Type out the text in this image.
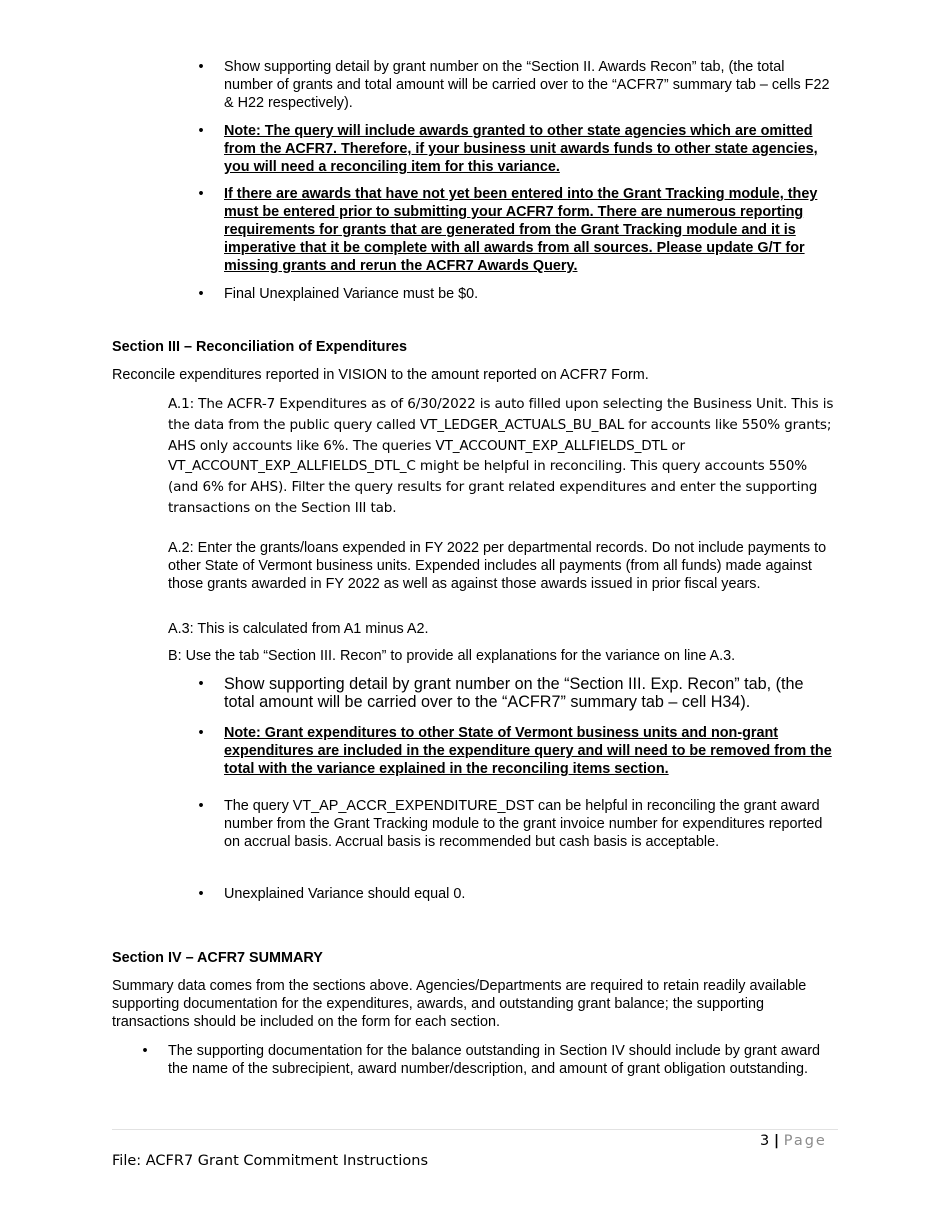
• Show supporting detail by grant number on the “Section II. Awards Recon” tab, (the total number of grants and total amount will be carried over to the “ACFR7” summary tab – cells F22 & H22 respectively).
• Note: The query will include awards granted to other state agencies which are omitted from the ACFR7. Therefore, if your business unit awards funds to other state agencies, you will need a reconciling item for this variance.
• If there are awards that have not yet been entered into the Grant Tracking module, they must be entered prior to submitting your ACFR7 form. There are numerous reporting requirements for grants that are generated from the Grant Tracking module and it is imperative that it be complete with all awards from all sources. Please update G/T for missing grants and rerun the ACFR7 Awards Query.
• Final Unexplained Variance must be $0.
Section III – Reconciliation of Expenditures
Reconcile expenditures reported in VISION to the amount reported on ACFR7 Form.
A.1: The ACFR-7 Expenditures as of 6/30/2022 is auto filled upon selecting the Business Unit. This is the data from the public query called VT_LEDGER_ACTUALS_BU_BAL for accounts like 550% grants; AHS only accounts like 6%. The queries VT_ACCOUNT_EXP_ALLFIELDS_DTL or VT_ACCOUNT_EXP_ALLFIELDS_DTL_C might be helpful in reconciling. This query accounts 550% (and 6% for AHS). Filter the query results for grant related expenditures and enter the supporting transactions on the Section III tab.
A.2: Enter the grants/loans expended in FY 2022 per departmental records. Do not include payments to other State of Vermont business units. Expended includes all payments (from all funds) made against those grants awarded in FY 2022 as well as against those awards issued in prior fiscal years.
A.3: This is calculated from A1 minus A2.
B: Use the tab “Section III. Recon” to provide all explanations for the variance on line A.3.
• Show supporting detail by grant number on the “Section III. Exp. Recon” tab, (the total amount will be carried over to the “ACFR7” summary tab – cell H34).
• Note: Grant expenditures to other State of Vermont business units and non-grant expenditures are included in the expenditure query and will need to be removed from the total with the variance explained in the reconciling items section.
• The query VT_AP_ACCR_EXPENDITURE_DST can be helpful in reconciling the grant award number from the Grant Tracking module to the grant invoice number for expenditures reported on accrual basis. Accrual basis is recommended but cash basis is acceptable.
• Unexplained Variance should equal 0.
Section IV – ACFR7 SUMMARY
Summary data comes from the sections above. Agencies/Departments are required to retain readily available supporting documentation for the expenditures, awards, and outstanding grant balance; the supporting transactions should be included on the form for each section.
• The supporting documentation for the balance outstanding in Section IV should include by grant award the name of the subrecipient, award number/description, and amount of grant obligation outstanding.
3 | Page
File: ACFR7 Grant Commitment Instructions
